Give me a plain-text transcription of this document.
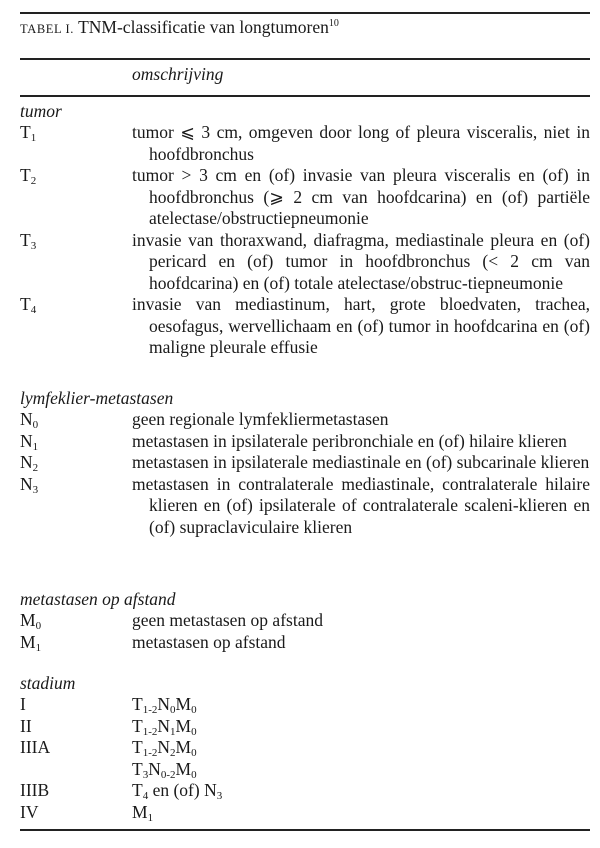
TABEL I. TNM-classificatie van longtumoren$^{10}$
omschrijving
tumor
$T_1$	tumor ⩽ 3 cm, omgeven door long of pleura visceralis, niet in hoofdbronchus
$T_2$	tumor > 3 cm en (of) invasie van pleura visceralis en (of) in hoofdbronchus (⩾ 2 cm van hoofdcarina) en (of) partiële atelectase/obstructiepneumonie
$T_3$	invasie van thoraxwand, diafragma, mediastinale pleura en (of) pericard en (of) tumor in hoofdbronchus (< 2 cm van hoofdcarina) en (of) totale atelectase/obstruc-tiepneumonie
$T_4$	invasie van mediastinum, hart, grote bloedvaten, trachea, oesofagus, wervellichaam en (of) tumor in hoofdcarina en (of) maligne pleurale effusie
lymfeklier-metastasen
$N_0$	geen regionale lymfekliermetastasen
$N_1$	metastasen in ipsilaterale peribronchiale en (of) hilaire klieren
$N_2$	metastasen in ipsilaterale mediastinale en (of) subcarinale klieren
$N_3$	metastasen in contralaterale mediastinale, contralaterale hilaire klieren en (of) ipsilaterale of contralaterale scaleni-klieren en (of) supraclaviculaire klieren
metastasen op afstand
$M_0$	geen metastasen op afstand
$M_1$	metastasen op afstand
stadium
I	$T_{1-2}N_0M_0$
II	$T_{1-2}N_1M_0$
IIIA	$T_{1-2}N_2M_0$
$T_3N_{0-2}M_0$
IIIB	$T_4$ en (of) $N_3$
IV	$M_1$
